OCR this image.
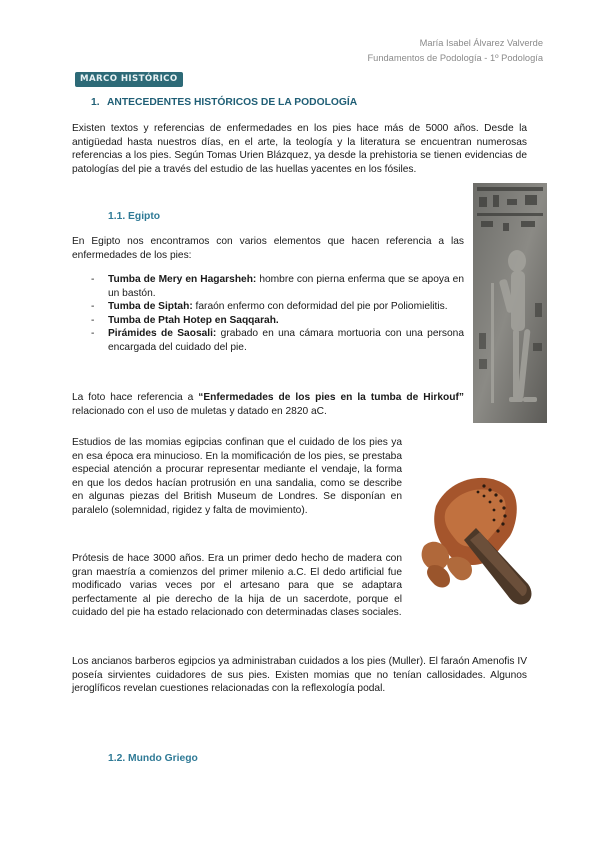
María Isabel Álvarez Valverde
Fundamentos de Podología - 1º Podología
MARCO HISTÓRICO
1. ANTECEDENTES HISTÓRICOS DE LA PODOLOGÍA
Existen textos y referencias de enfermedades en los pies hace más de 5000 años. Desde la antigüedad hasta nuestros días, en el arte, la teología y la literatura se encuentran numerosas referencias a los pies. Según Tomas Urien Blázquez, ya desde la prehistoria se tienen evidencias de patologías del pie a través del estudio de las huellas yacentes en los fósiles.
1.1. Egipto
En Egipto nos encontramos con varios elementos que hacen referencia a las enfermedades de los pies:
- Tumba de Mery en Hagarsheh: hombre con pierna enferma que se apoya en un bastón.
- Tumba de Siptah: faraón enfermo con deformidad del pie por Poliomielitis.
- Tumba de Ptah Hotep en Saqqarah.
- Pirámides de Saosali: grabado en una cámara mortuoria con una persona encargada del cuidado del pie.
La foto hace referencia a “Enfermedades de los pies en la tumba de Hirkouf” relacionado con el uso de muletas y datado en 2820 aC.
Estudios de las momias egipcias confinan que el cuidado de los pies ya en esa época era minucioso. En la momificación de los pies, se prestaba especial atención a procurar representar mediante el vendaje, la forma en que los dedos hacían protrusión en una sandalia, como se describe en algunas piezas del British Museum de Londres. Se disponían en paralelo (solemnidad, rigidez y falta de movimiento).
Prótesis de hace 3000 años. Era un primer dedo hecho de madera con gran maestría a comienzos del primer milenio a.C. El dedo artificial fue modificado varias veces por el artesano para que se adaptara perfectamente al pie derecho de la hija de un sacerdote, porque el cuidado del pie ha estado relacionado con determinadas clases sociales.
Los ancianos barberos egipcios ya administraban cuidados a los pies (Muller). El faraón Amenofis IV poseía sirvientes cuidadores de sus pies. Existen momias que no tenían callosidades. Algunos jeroglíficos revelan cuestiones relacionadas con la reflexología podal.
1.2. Mundo Griego
